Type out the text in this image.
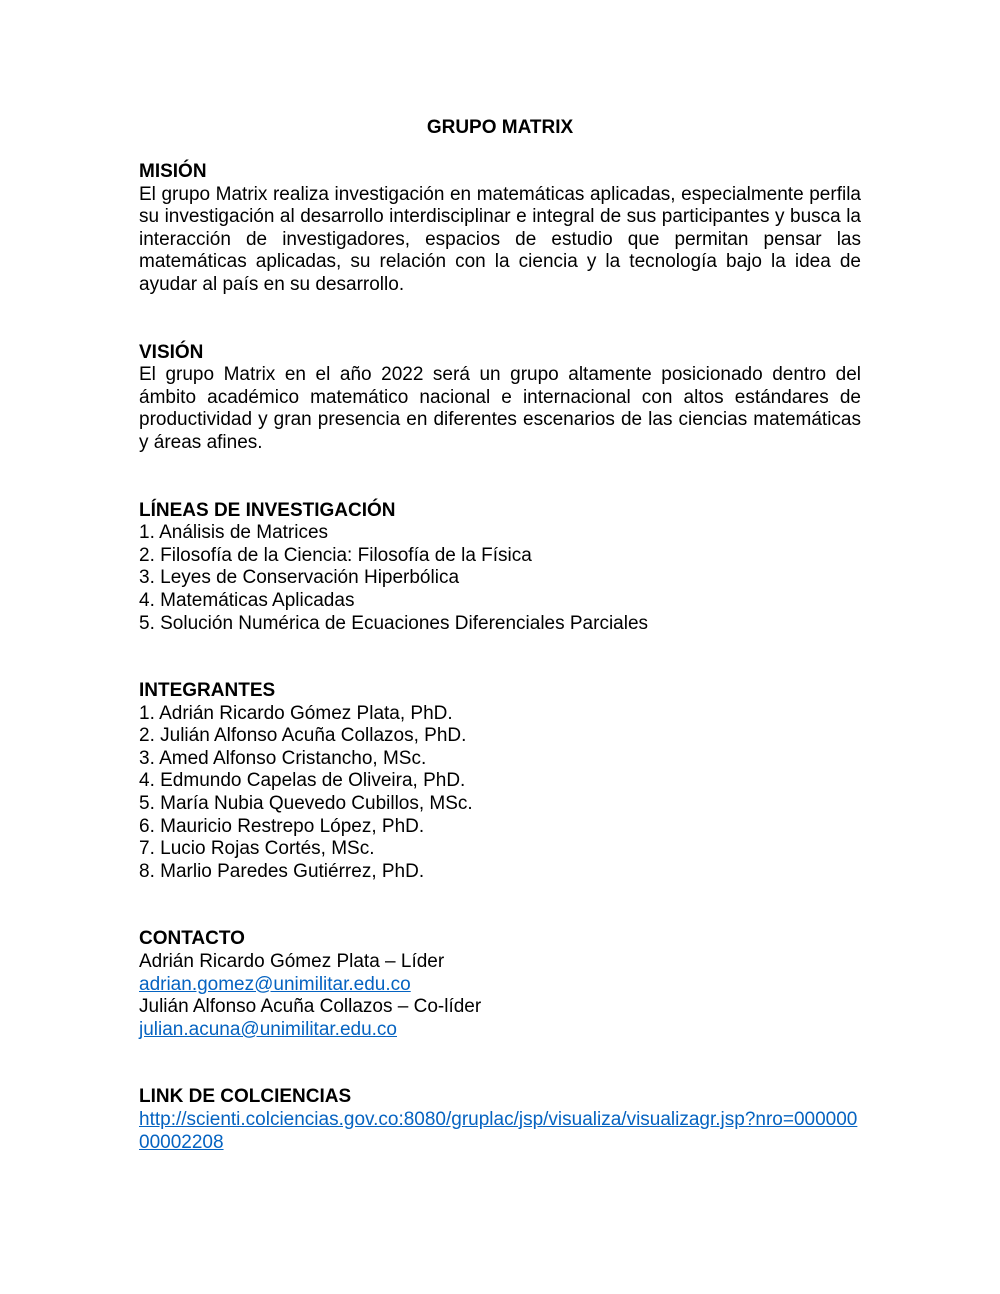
GRUPO MATRIX
MISIÓN

El grupo Matrix realiza investigación en matemáticas aplicadas, especialmente perfila su investigación al desarrollo interdisciplinar e integral de sus participantes y busca la interacción de investigadores, espacios de estudio que permitan pensar las matemáticas aplicadas, su relación con la ciencia y la tecnología bajo la idea de ayudar al país en su desarrollo.

VISIÓN

El grupo Matrix en el año 2022 será un grupo altamente posicionado dentro del ámbito académico matemático nacional e internacional con altos estándares de productividad y gran presencia en diferentes escenarios de las ciencias matemáticas y áreas afines.

LÍNEAS DE INVESTIGACIÓN
1. Análisis de Matrices
2. Filosofía de la Ciencia: Filosofía de la Física
3. Leyes de Conservación Hiperbólica
4. Matemáticas Aplicadas
5. Solución Numérica de Ecuaciones Diferenciales Parciales
INTEGRANTES
1. Adrián Ricardo Gómez Plata, PhD.
2. Julián Alfonso Acuña Collazos, PhD.
3. Amed Alfonso Cristancho, MSc.
4. Edmundo Capelas de Oliveira, PhD.
5. María Nubia Quevedo Cubillos, MSc.
6. Mauricio Restrepo López, PhD.
7. Lucio Rojas Cortés, MSc.
8. Marlio Paredes Gutiérrez, PhD.
CONTACTO
Adrián Ricardo Gómez Plata – Líder
adrian.gomez@unimilitar.edu.co
Julián Alfonso Acuña Collazos – Co-líder
julian.acuna@unimilitar.edu.co
LINK DE COLCIENCIAS
http://scienti.colciencias.gov.co:8080/gruplac/jsp/visualiza/visualizagr.jsp?nro=00000000002208
